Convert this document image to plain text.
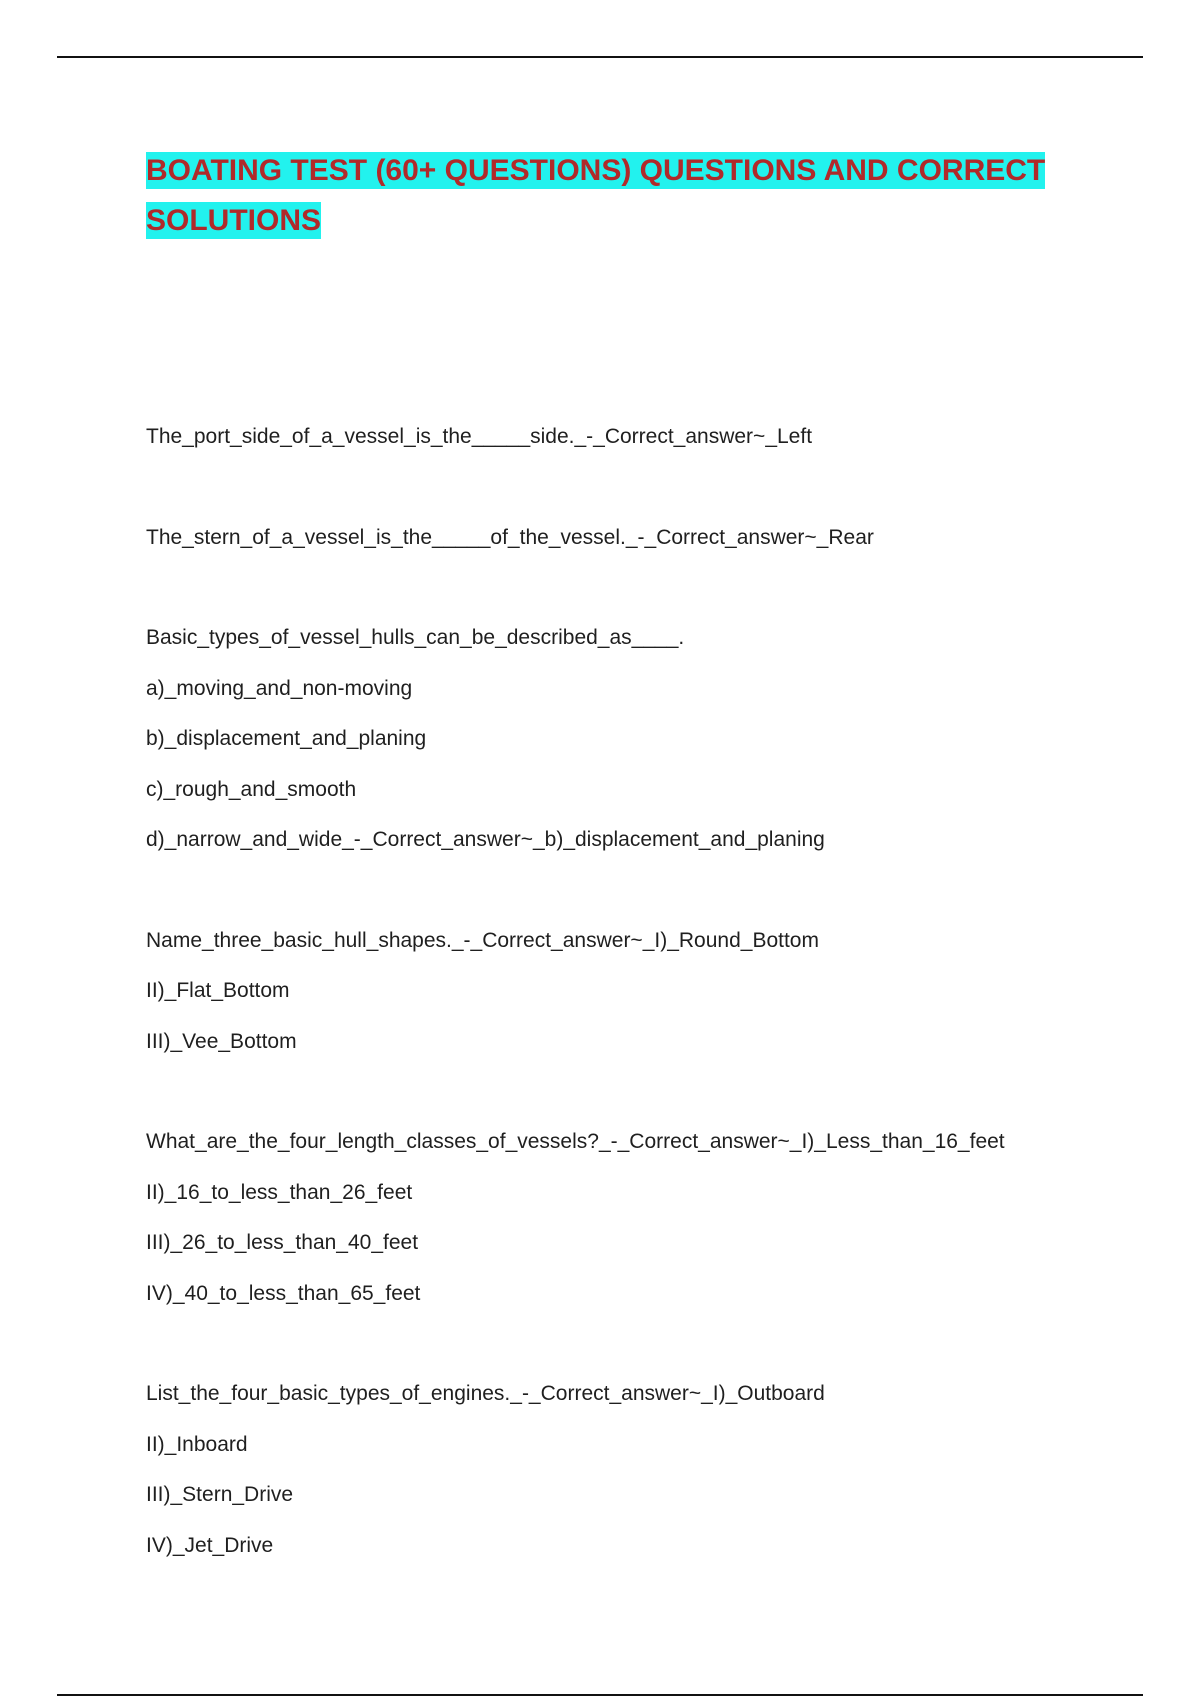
BOATING TEST (60+ QUESTIONS) QUESTIONS AND CORRECT SOLUTIONS

The_port_side_of_a_vessel_is_the_____side._-_Correct_answer~_Left

The_stern_of_a_vessel_is_the_____of_the_vessel._-_Correct_answer~_Rear

Basic_types_of_vessel_hulls_can_be_described_as____.

a)_moving_and_non-moving

b)_displacement_and_planing

c)_rough_and_smooth

d)_narrow_and_wide_-_Correct_answer~_b)_displacement_and_planing

Name_three_basic_hull_shapes._-_Correct_answer~_I)_Round_Bottom

II)_Flat_Bottom

III)_Vee_Bottom

What_are_the_four_length_classes_of_vessels?_-_Correct_answer~_I)_Less_than_16_feet

II)_16_to_less_than_26_feet

III)_26_to_less_than_40_feet

IV)_40_to_less_than_65_feet

List_the_four_basic_types_of_engines._-_Correct_answer~_I)_Outboard

II)_Inboard

III)_Stern_Drive

IV)_Jet_Drive
